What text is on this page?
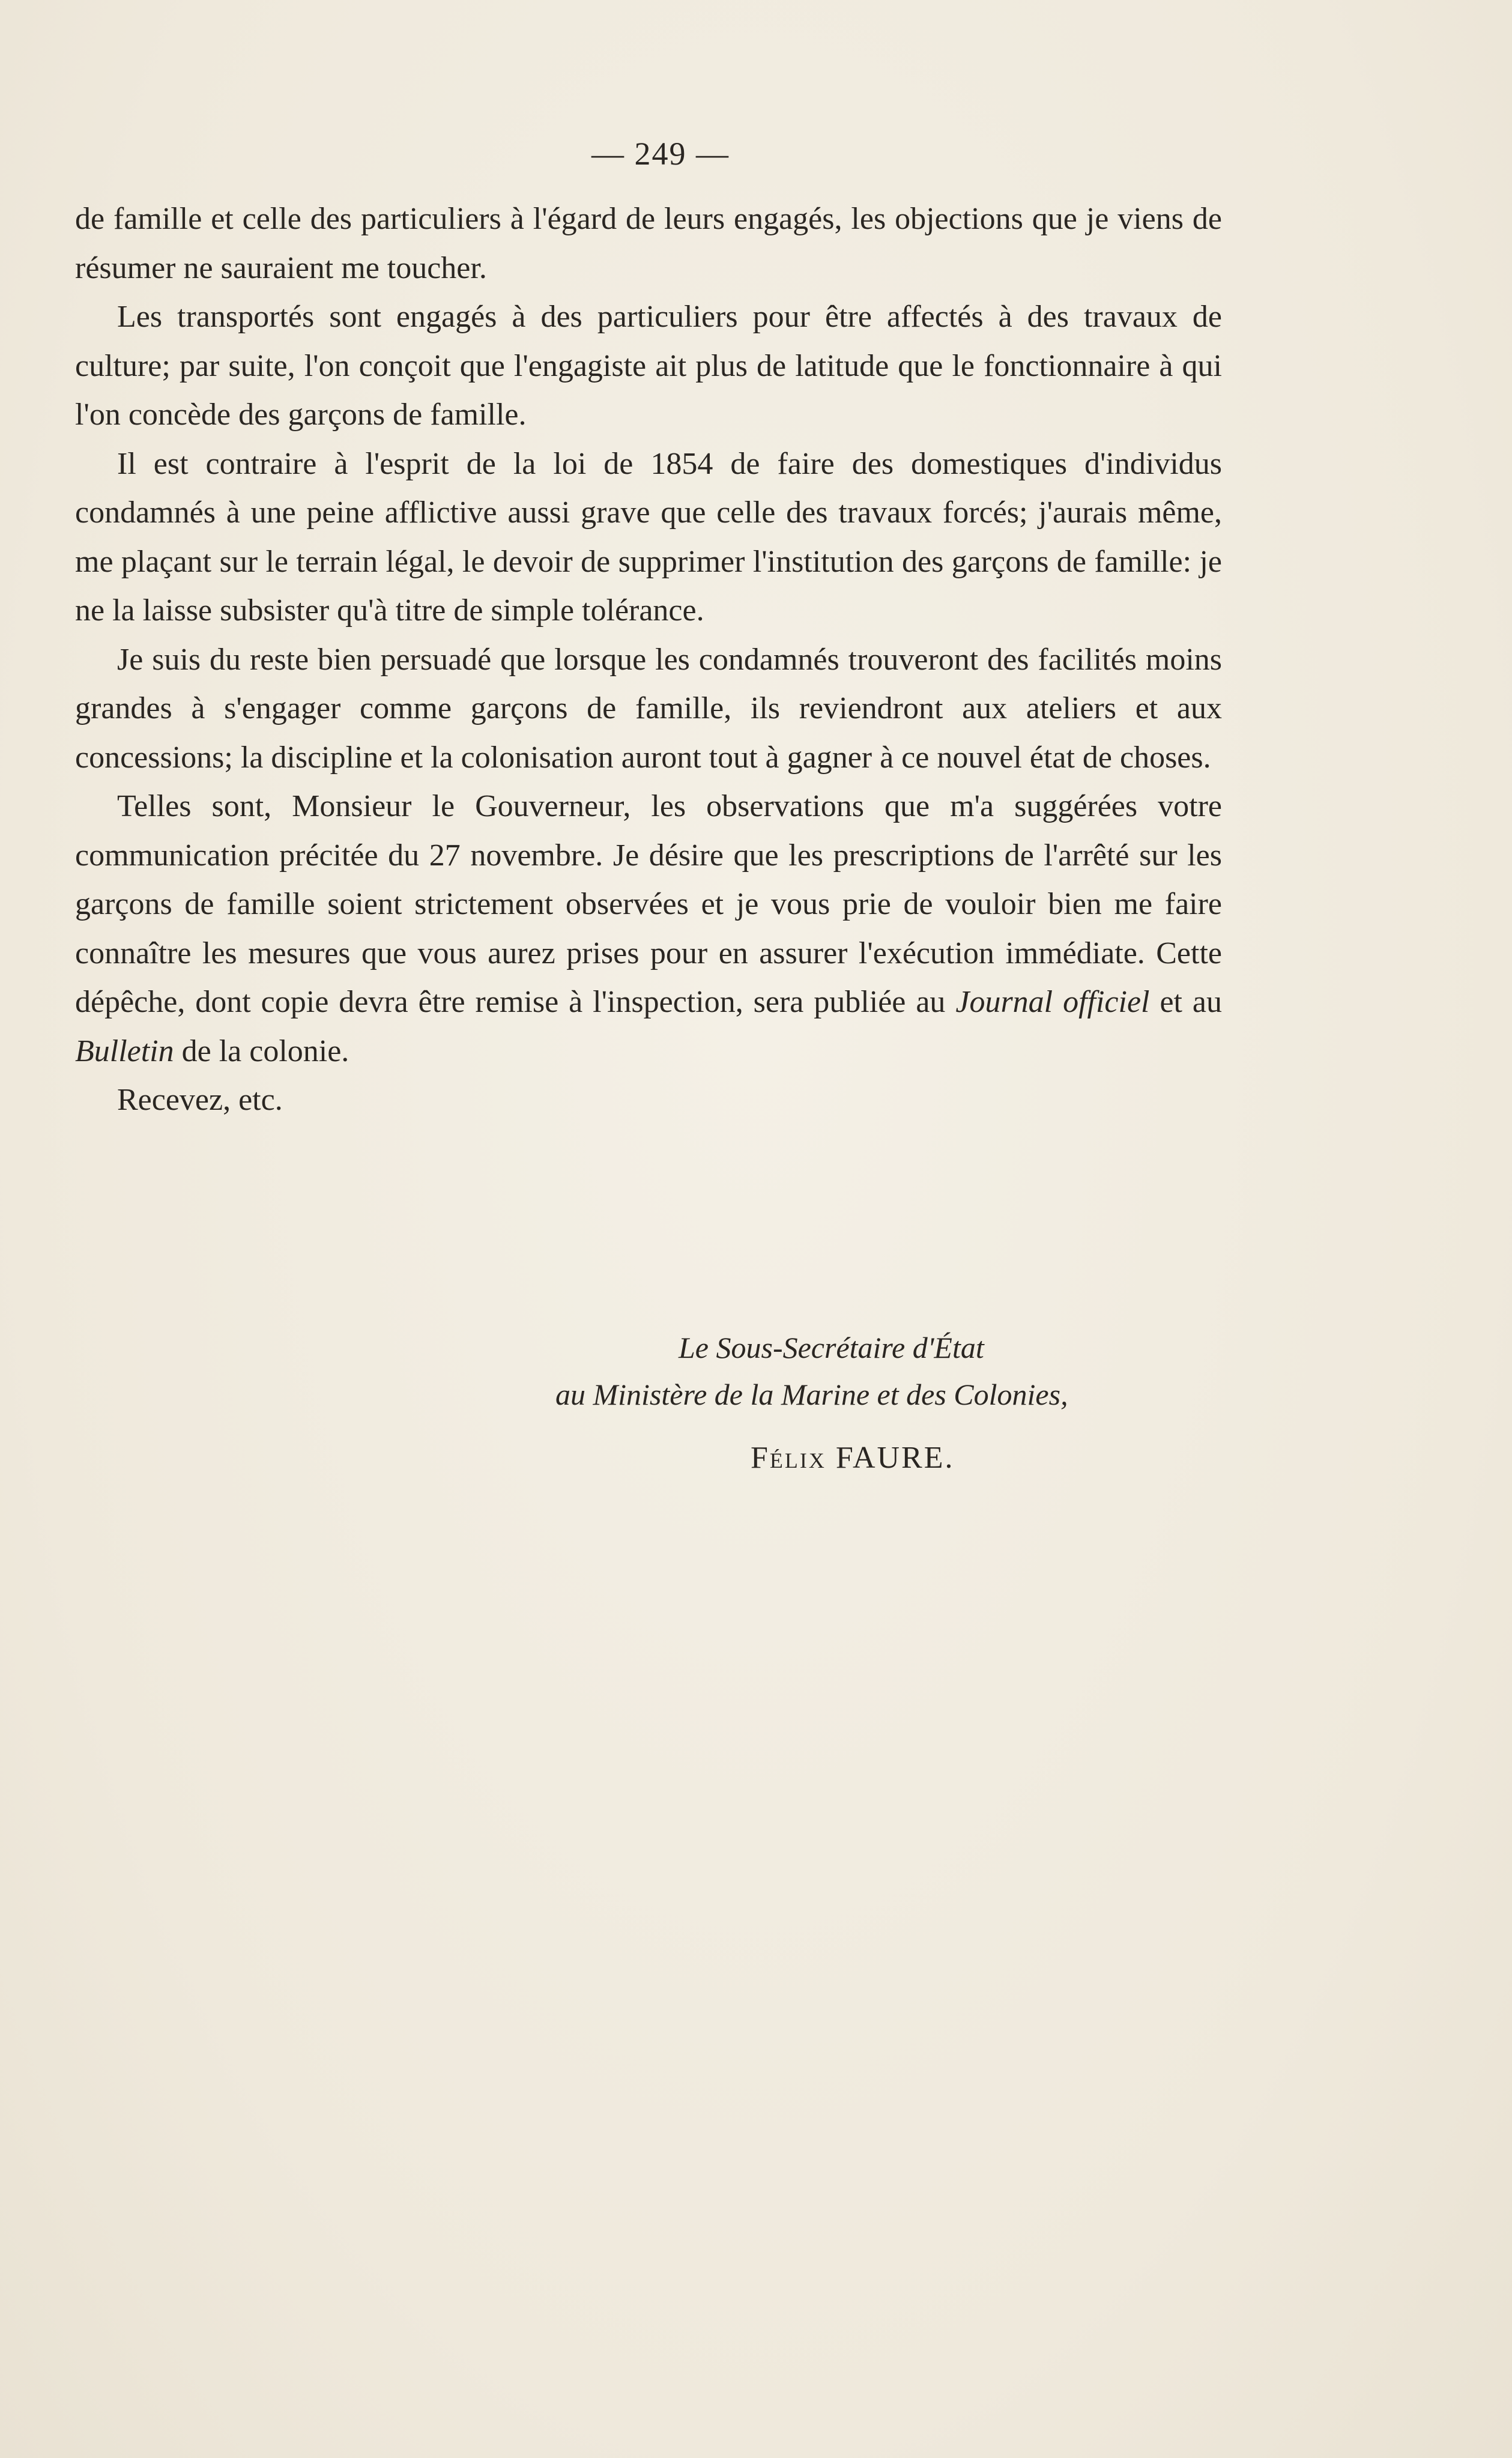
— 249 —

de famille et celle des particuliers à l'égard de leurs engagés, les objections que je viens de résumer ne sauraient me toucher.

Les transportés sont engagés à des particuliers pour être affectés à des travaux de culture; par suite, l'on conçoit que l'engagiste ait plus de latitude que le fonctionnaire à qui l'on concède des garçons de famille.

Il est contraire à l'esprit de la loi de 1854 de faire des domestiques d'individus condamnés à une peine afflictive aussi grave que celle des travaux forcés; j'aurais même, me plaçant sur le terrain légal, le devoir de supprimer l'institution des garçons de famille: je ne la laisse subsister qu'à titre de simple tolérance.

Je suis du reste bien persuadé que lorsque les condamnés trouveront des facilités moins grandes à s'engager comme garçons de famille, ils reviendront aux ateliers et aux concessions; la discipline et la colonisation auront tout à gagner à ce nouvel état de choses.

Telles sont, Monsieur le Gouverneur, les observations que m'a suggérées votre communication précitée du 27 novembre. Je désire que les prescriptions de l'arrêté sur les garçons de famille soient strictement observées et je vous prie de vouloir bien me faire connaître les mesures que vous aurez prises pour en assurer l'exécution immédiate. Cette dépêche, dont copie devra être remise à l'inspection, sera publiée au Journal officiel et au Bulletin de la colonie.

Recevez, etc.

Le Sous-Secrétaire d'État
au Ministère de la Marine et des Colonies,
Félix FAURE.
